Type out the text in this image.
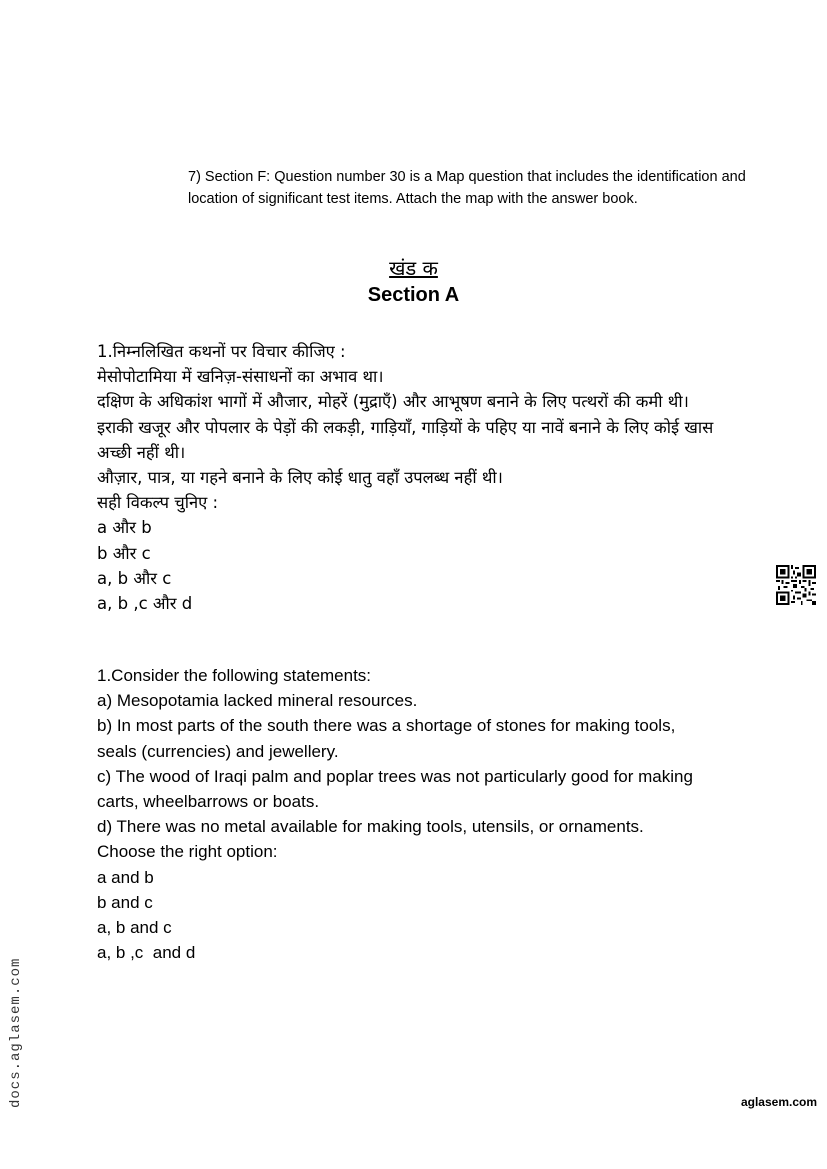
7) Section F: Question number 30 is a Map question that includes the identification and location of significant test items. Attach the map with the answer book.
खंड क
Section A
1.निम्नलिखित कथनों पर विचार कीजिए :
मेसोपोटामिया में खनिज़-संसाधनों का अभाव था।
दक्षिण के अधिकांश भागों में औजार, मोहरें (मुद्राएँ) और आभूषण बनाने के लिए पत्थरों की कमी थी।
इराकी खजूर और पोपलार के पेड़ों की लकड़ी, गाड़ियाँ, गाड़ियों के पहिए या नावें बनाने के लिए कोई खास अच्छी नहीं थी।
औज़ार, पात्र, या गहने बनाने के लिए कोई धातु वहाँ उपलब्ध नहीं थी।
सही विकल्प चुनिए :
a और b
b और c
a, b और c
a, b ,c और d
1.Consider the following statements:
a) Mesopotamia lacked mineral resources.
b) In most parts of the south there was a shortage of stones for making tools, seals (currencies) and jewellery.
c) The wood of Iraqi palm and poplar trees was not particularly good for making carts, wheelbarrows or boats.
d) There was no metal available for making tools, utensils, or ornaments.
Choose the right option:
a and b
b and c
a, b and c
a, b ,c  and d
docs.aglasem.com	aglasem.com
